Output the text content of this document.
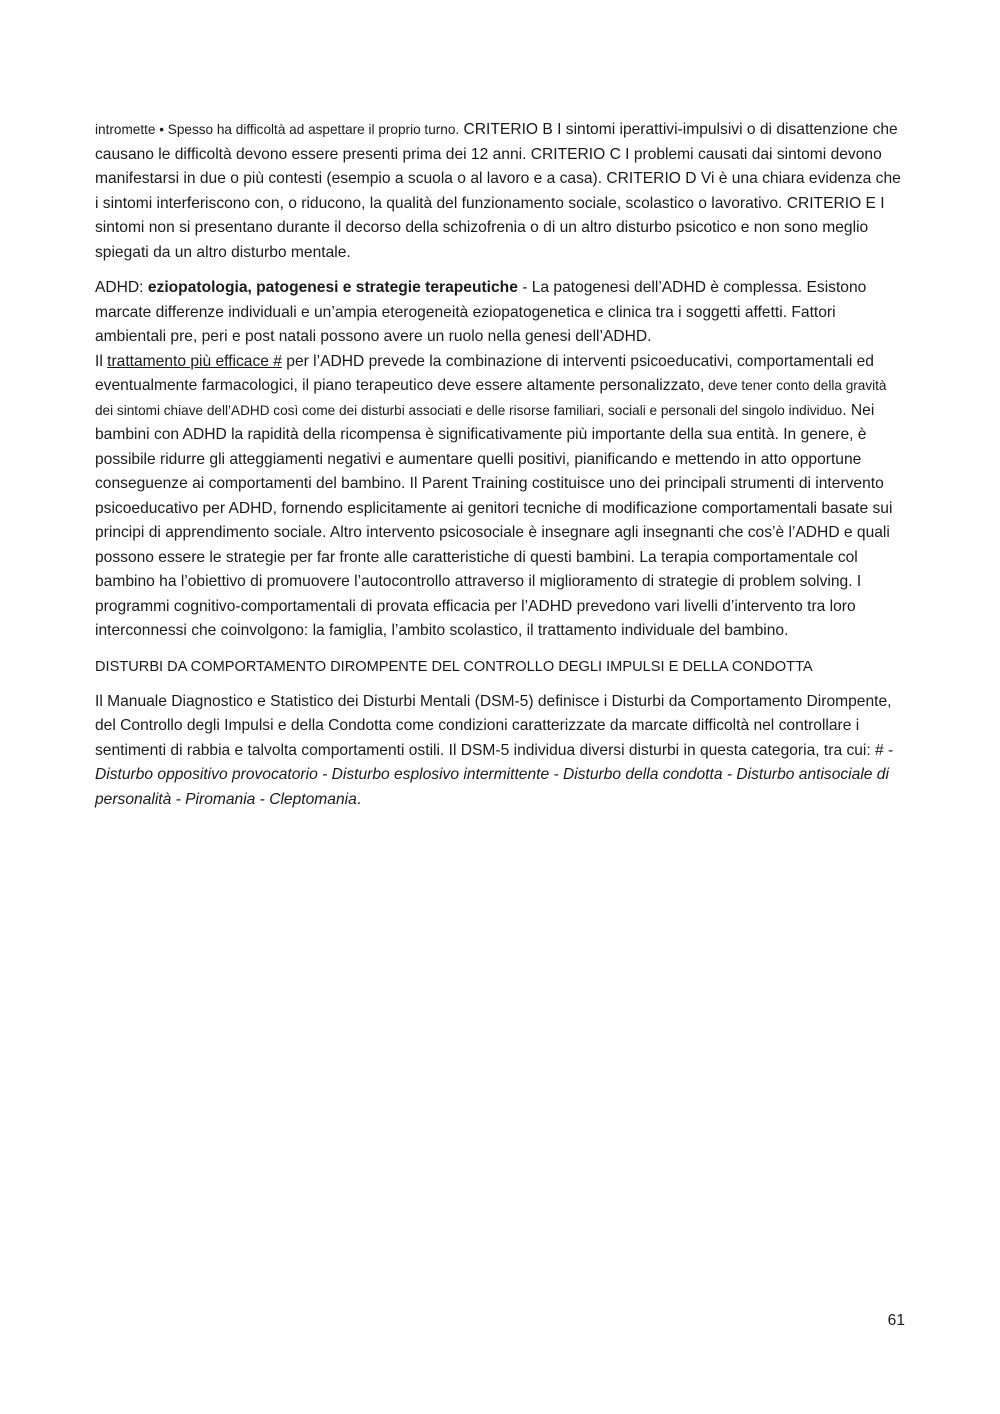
intromette • Spesso ha difficoltà ad aspettare il proprio turno. CRITERIO B I sintomi iperattivi-impulsivi o di disattenzione che causano le difficoltà devono essere presenti prima dei 12 anni. CRITERIO C I problemi causati dai sintomi devono manifestarsi in due o più contesti (esempio a scuola o al lavoro e a casa). CRITERIO D Vi è una chiara evidenza che i sintomi interferiscono con, o riducono, la qualità del funzionamento sociale, scolastico o lavorativo. CRITERIO E I sintomi non si presentano durante il decorso della schizofrenia o di un altro disturbo psicotico e non sono meglio spiegati da un altro disturbo mentale.

ADHD: eziopatologia, patogenesi e strategie terapeutiche - La patogenesi dell’ADHD è complessa. Esistono marcate differenze individuali e un’ampia eterogeneità eziopatogenetica e clinica tra i soggetti affetti. Fattori ambientali pre, peri e post natali possono avere un ruolo nella genesi dell’ADHD.

Il trattamento più efficace # per l’ADHD prevede la combinazione di interventi psicoeducativi, comportamentali ed eventualmente farmacologici, il piano terapeutico deve essere altamente personalizzato, deve tener conto della gravità dei sintomi chiave dell’ADHD così come dei disturbi associati e delle risorse familiari, sociali e personali del singolo individuo. Nei bambini con ADHD la rapidità della ricompensa è significativamente più importante della sua entità. In genere, è possibile ridurre gli atteggiamenti negativi e aumentare quelli positivi, pianificando e mettendo in atto opportune conseguenze ai comportamenti del bambino. Il Parent Training costituisce uno dei principali strumenti di intervento psicoeducativo per ADHD, fornendo esplicitamente ai genitori tecniche di modificazione comportamentali basate sui principi di apprendimento sociale. Altro intervento psicosociale è insegnare agli insegnanti che cos’è l’ADHD e quali possono essere le strategie per far fronte alle caratteristiche di questi bambini. La terapia comportamentale col bambino ha l’obiettivo di promuovere l’autocontrollo attraverso il miglioramento di strategie di problem solving. I programmi cognitivo-comportamentali di provata efficacia per l’ADHD prevedono vari livelli d’intervento tra loro interconnessi che coinvolgono: la famiglia, l’ambito scolastico, il trattamento individuale del bambino.

DISTURBI DA COMPORTAMENTO DIROMPENTE DEL CONTROLLO DEGLI IMPULSI E DELLA CONDOTTA

Il Manuale Diagnostico e Statistico dei Disturbi Mentali (DSM-5) definisce i Disturbi da Comportamento Dirompente, del Controllo degli Impulsi e della Condotta come condizioni caratterizzate da marcate difficoltà nel controllare i sentimenti di rabbia e talvolta comportamenti ostili. Il DSM-5 individua diversi disturbi in questa categoria, tra cui: # - Disturbo oppositivo provocatorio - Disturbo esplosivo intermittente - Disturbo della condotta - Disturbo antisociale di personalità - Piromania - Cleptomania.

61
